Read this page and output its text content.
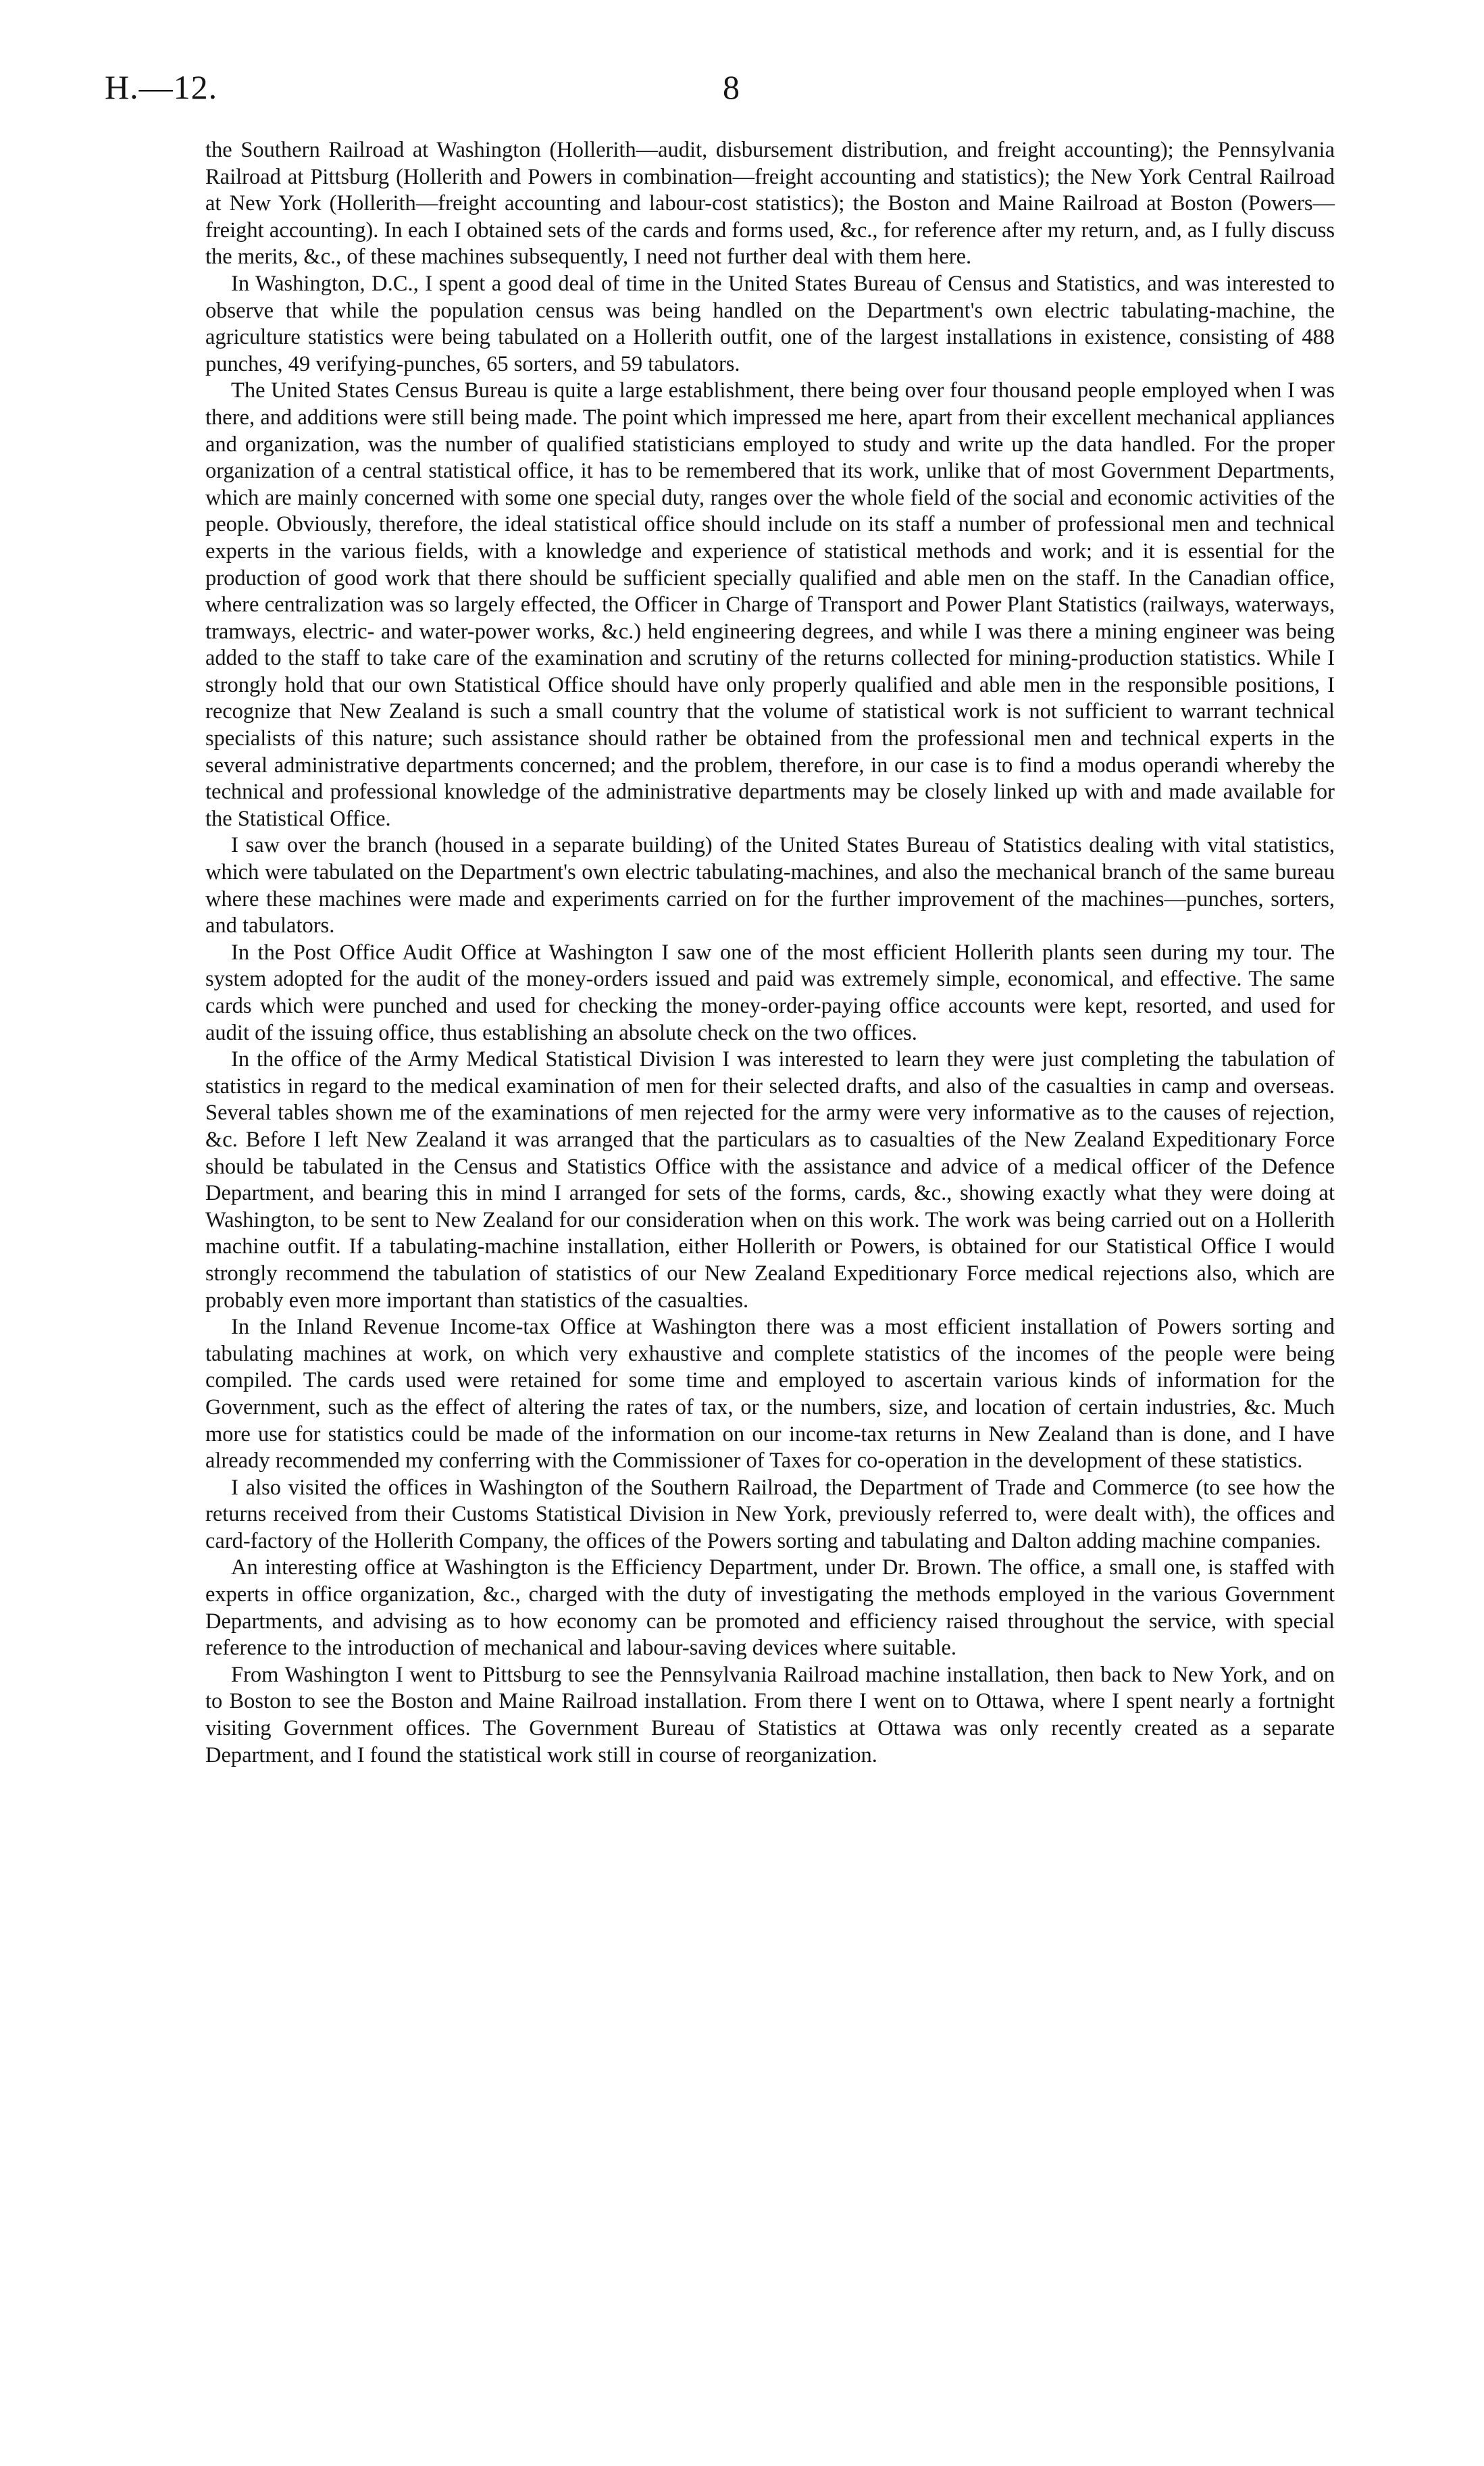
H.—12.	8

the Southern Railroad at Washington (Hollerith—audit, disbursement distribution, and freight accounting); the Pennsylvania Railroad at Pittsburg (Hollerith and Powers in combination—freight accounting and statistics); the New York Central Railroad at New York (Hollerith—freight accounting and labour-cost statistics); the Boston and Maine Railroad at Boston (Powers—freight accounting). In each I obtained sets of the cards and forms used, &c., for reference after my return, and, as I fully discuss the merits, &c., of these machines subsequently, I need not further deal with them here.

In Washington, D.C., I spent a good deal of time in the United States Bureau of Census and Statistics, and was interested to observe that while the population census was being handled on the Department's own electric tabulating-machine, the agriculture statistics were being tabulated on a Hollerith outfit, one of the largest installations in existence, consisting of 488 punches, 49 verifying-punches, 65 sorters, and 59 tabulators.

The United States Census Bureau is quite a large establishment, there being over four thousand people employed when I was there, and additions were still being made. The point which impressed me here, apart from their excellent mechanical appliances and organization, was the number of qualified statisticians employed to study and write up the data handled. For the proper organization of a central statistical office, it has to be remembered that its work, unlike that of most Government Departments, which are mainly concerned with some one special duty, ranges over the whole field of the social and economic activities of the people. Obviously, therefore, the ideal statistical office should include on its staff a number of professional men and technical experts in the various fields, with a knowledge and experience of statistical methods and work; and it is essential for the production of good work that there should be sufficient specially qualified and able men on the staff. In the Canadian office, where centralization was so largely effected, the Officer in Charge of Transport and Power Plant Statistics (railways, waterways, tramways, electric- and water-power works, &c.) held engineering degrees, and while I was there a mining engineer was being added to the staff to take care of the examination and scrutiny of the returns collected for mining-production statistics. While I strongly hold that our own Statistical Office should have only properly qualified and able men in the responsible positions, I recognize that New Zealand is such a small country that the volume of statistical work is not sufficient to warrant technical specialists of this nature; such assistance should rather be obtained from the professional men and technical experts in the several administrative departments concerned; and the problem, therefore, in our case is to find a modus operandi whereby the technical and professional knowledge of the administrative departments may be closely linked up with and made available for the Statistical Office.

I saw over the branch (housed in a separate building) of the United States Bureau of Statistics dealing with vital statistics, which were tabulated on the Department's own electric tabulating-machines, and also the mechanical branch of the same bureau where these machines were made and experiments carried on for the further improvement of the machines—punches, sorters, and tabulators.

In the Post Office Audit Office at Washington I saw one of the most efficient Hollerith plants seen during my tour. The system adopted for the audit of the money-orders issued and paid was extremely simple, economical, and effective. The same cards which were punched and used for checking the money-order-paying office accounts were kept, resorted, and used for audit of the issuing office, thus establishing an absolute check on the two offices.

In the office of the Army Medical Statistical Division I was interested to learn they were just completing the tabulation of statistics in regard to the medical examination of men for their selected drafts, and also of the casualties in camp and overseas. Several tables shown me of the examinations of men rejected for the army were very informative as to the causes of rejection, &c. Before I left New Zealand it was arranged that the particulars as to casualties of the New Zealand Expeditionary Force should be tabulated in the Census and Statistics Office with the assistance and advice of a medical officer of the Defence Department, and bearing this in mind I arranged for sets of the forms, cards, &c., showing exactly what they were doing at Washington, to be sent to New Zealand for our consideration when on this work. The work was being carried out on a Hollerith machine outfit. If a tabulating-machine installation, either Hollerith or Powers, is obtained for our Statistical Office I would strongly recommend the tabulation of statistics of our New Zealand Expeditionary Force medical rejections also, which are probably even more important than statistics of the casualties.

In the Inland Revenue Income-tax Office at Washington there was a most efficient installation of Powers sorting and tabulating machines at work, on which very exhaustive and complete statistics of the incomes of the people were being compiled. The cards used were retained for some time and employed to ascertain various kinds of information for the Government, such as the effect of altering the rates of tax, or the numbers, size, and location of certain industries, &c. Much more use for statistics could be made of the information on our income-tax returns in New Zealand than is done, and I have already recommended my conferring with the Commissioner of Taxes for co-operation in the development of these statistics.

I also visited the offices in Washington of the Southern Railroad, the Department of Trade and Commerce (to see how the returns received from their Customs Statistical Division in New York, previously referred to, were dealt with), the offices and card-factory of the Hollerith Company, the offices of the Powers sorting and tabulating and Dalton adding machine companies.

An interesting office at Washington is the Efficiency Department, under Dr. Brown. The office, a small one, is staffed with experts in office organization, &c., charged with the duty of investigating the methods employed in the various Government Departments, and advising as to how economy can be promoted and efficiency raised throughout the service, with special reference to the introduction of mechanical and labour-saving devices where suitable.

From Washington I went to Pittsburg to see the Pennsylvania Railroad machine installation, then back to New York, and on to Boston to see the Boston and Maine Railroad installation. From there I went on to Ottawa, where I spent nearly a fortnight visiting Government offices. The Government Bureau of Statistics at Ottawa was only recently created as a separate Department, and I found the statistical work still in course of reorganization.
